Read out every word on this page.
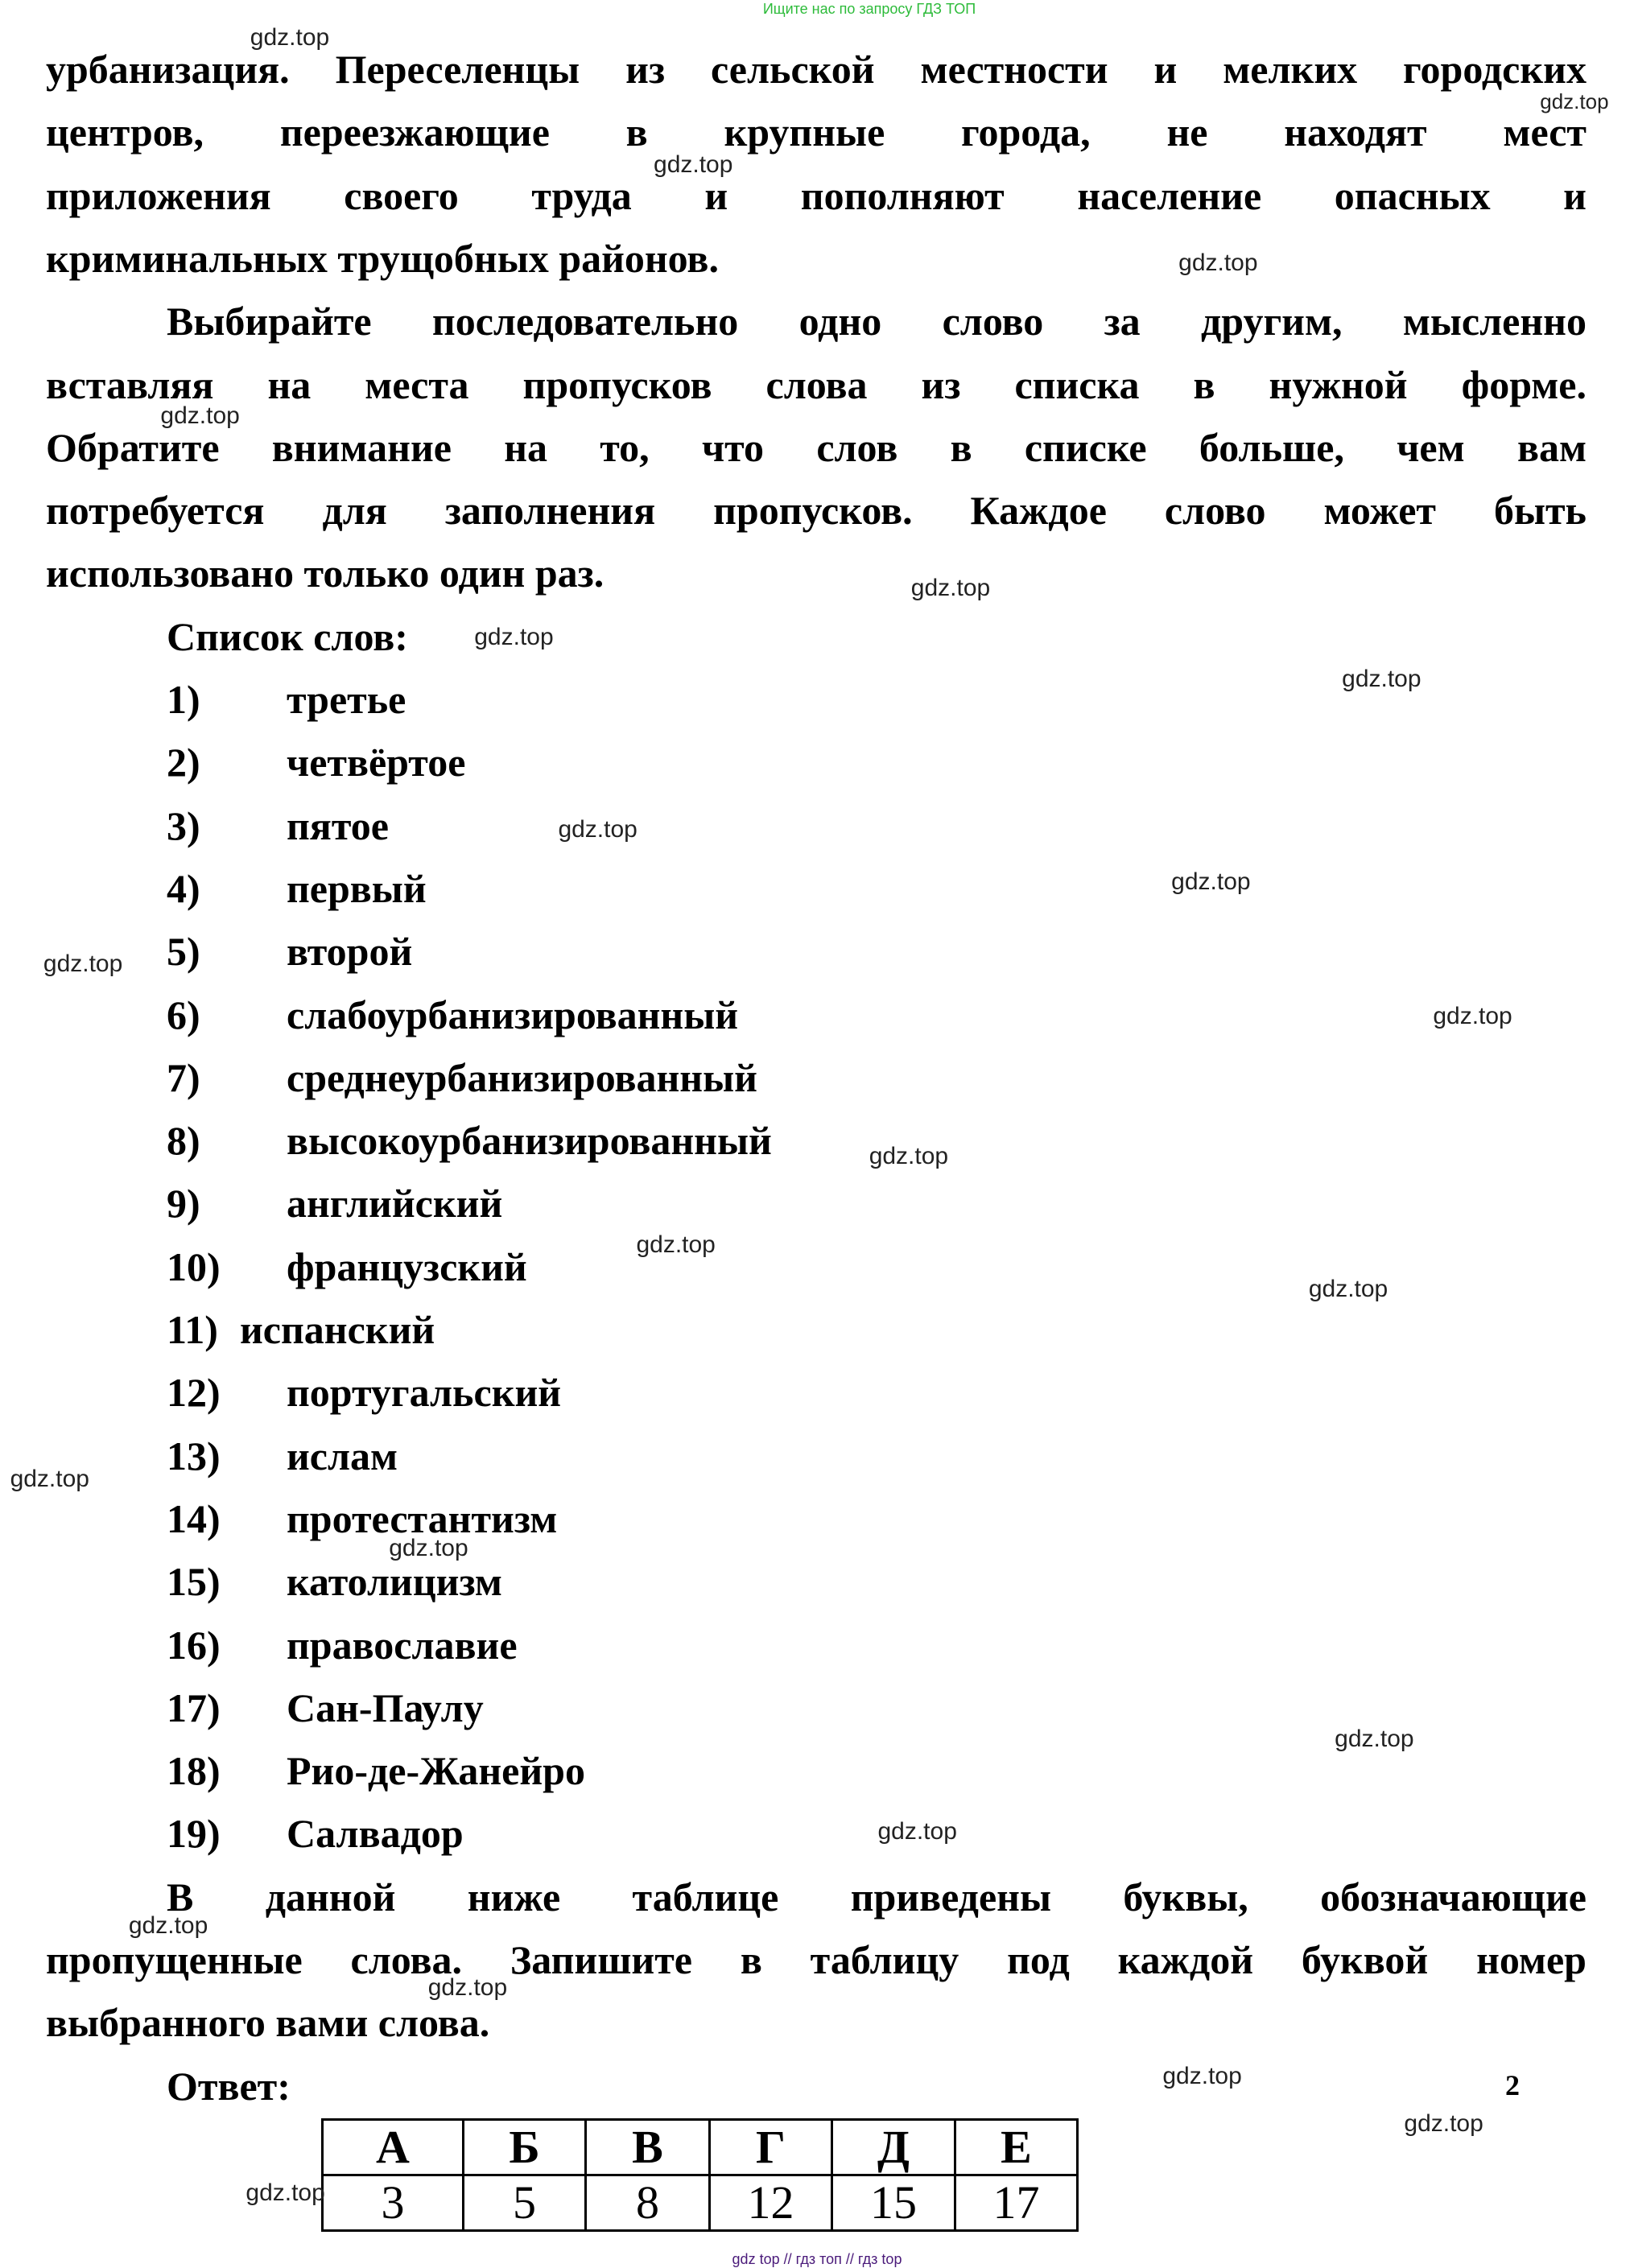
Ищите нас по запросу ГДЗ ТОП
2
А	Б	В	Г	Д	Е
3	5	8	12	15	17
gdz top // гдз топ // гдз top
урбанизация. Переселенцы из сельской местности и мелких городских
центров, переезжающие в крупные города, не находят мест
приложения своего труда и пополняют население опасных и
криминальных трущобных районов.
Выбирайте последовательно одно слово за другим, мысленно
вставляя на места пропусков слова из списка в нужной форме.
Обратите внимание на то, что слов в списке больше, чем вам
потребуется для заполнения пропусков. Каждое слово может быть
использовано только один раз.
Список слов:
1) третье
2) четвёртое
3) пятое
4) первый
5) второй
6) слабоурбанизированный
7) среднеурбанизированный
8) высокоурбанизированный
9) английский
10) французский
11) испанский
12) португальский
13) ислам
14) протестантизм
15) католицизм
16) православие
17) Сан-Паулу
18) Рио-де-Жанейро
19) Салвадор
В данной ниже таблице приведены буквы, обозначающие
пропущенные слова. Запишите в таблицу под каждой буквой номер
выбранного вами слова.
Ответ:
gdz.top
gdz.top
gdz.top
gdz.top
gdz.top
gdz.top
gdz.top
gdz.top
gdz.top
gdz.top
gdz.top
gdz.top
gdz.top
gdz.top
gdz.top
gdz.top
gdz.top
gdz.top
gdz.top
gdz.top
gdz.top
gdz.top
gdz.top
gdz.top
